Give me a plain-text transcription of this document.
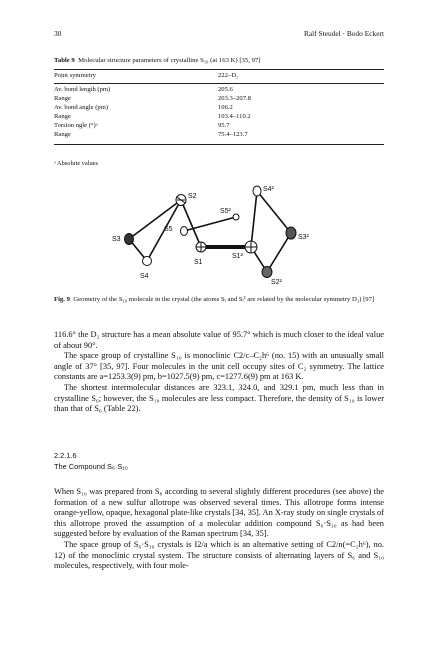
30	Ralf Steudel · Bodo Eckert
Table 9 Molecular structure parameters of crystalline S₁₀ (at 163 K) [35, 97]
Point symmetry	222–D₂
Av. bond length (pm)	205.6
Range	203.3–207.8
Av. bond angle (pm)	106.2
Range	103.4–110.2
Torsion ngle (°)ᵃ	95.7
Range	75.4–123.7
ᵃ Absolute values
S2
S4²
S5²
S5
S3
S1
S1²
S3²
S4
S2²
Fig. 9 Geometry of the S₁₀ molecule in the crystal (the atoms Sᵢ and Sᵢ² are related by the molecular symmetry D₂) [97]

116.6° the D₂ structure has a mean absolute value of 95.7° which is much closer to the ideal value of about 90°.

The space group of crystalline S₁₀ is monoclinic C2/c–C₂h⁶ (no. 15) with an unusually small angle of 37° [35, 97]. Four molecules in the unit cell occupy sites of C₂ symmetry. The lattice constants are a=1253.3(9) pm, b=1027.5(9) pm, c=1277.6(9) pm at 163 K.

The shortest intermolecular distances are 323.1, 324.0, and 329.1 pm, much less than in crystalline S₆; however, the S₁₀ molecules are less compact. Therefore, the density of S₁₀ is lower than that of S₆ (Table 22).

2.2.1.6
The Compound S₆·S₁₀

When S₁₀ was prepared from S₈ according to several slightly different procedures (see above) the formation of a new sulfur allotrope was observed several times. This allotrope forms intense orange-yellow, opaque, hexagonal plate-like crystals [34, 35]. An X-ray study on single crystals of this allotrope proved the assumption of a molecular addition compound S₆·S₁₀ as had been suggested before by evaluation of the Raman spectrum [34, 35].

The space group of S₆·S₁₀ crystals is I2/a which is an alternative setting of C2/n(=C₂h⁶), no. 12) of the monoclinic crystal system. The structure consists of alternating layers of S₆ and S₁₀ molecules, respectively, with four mole-
